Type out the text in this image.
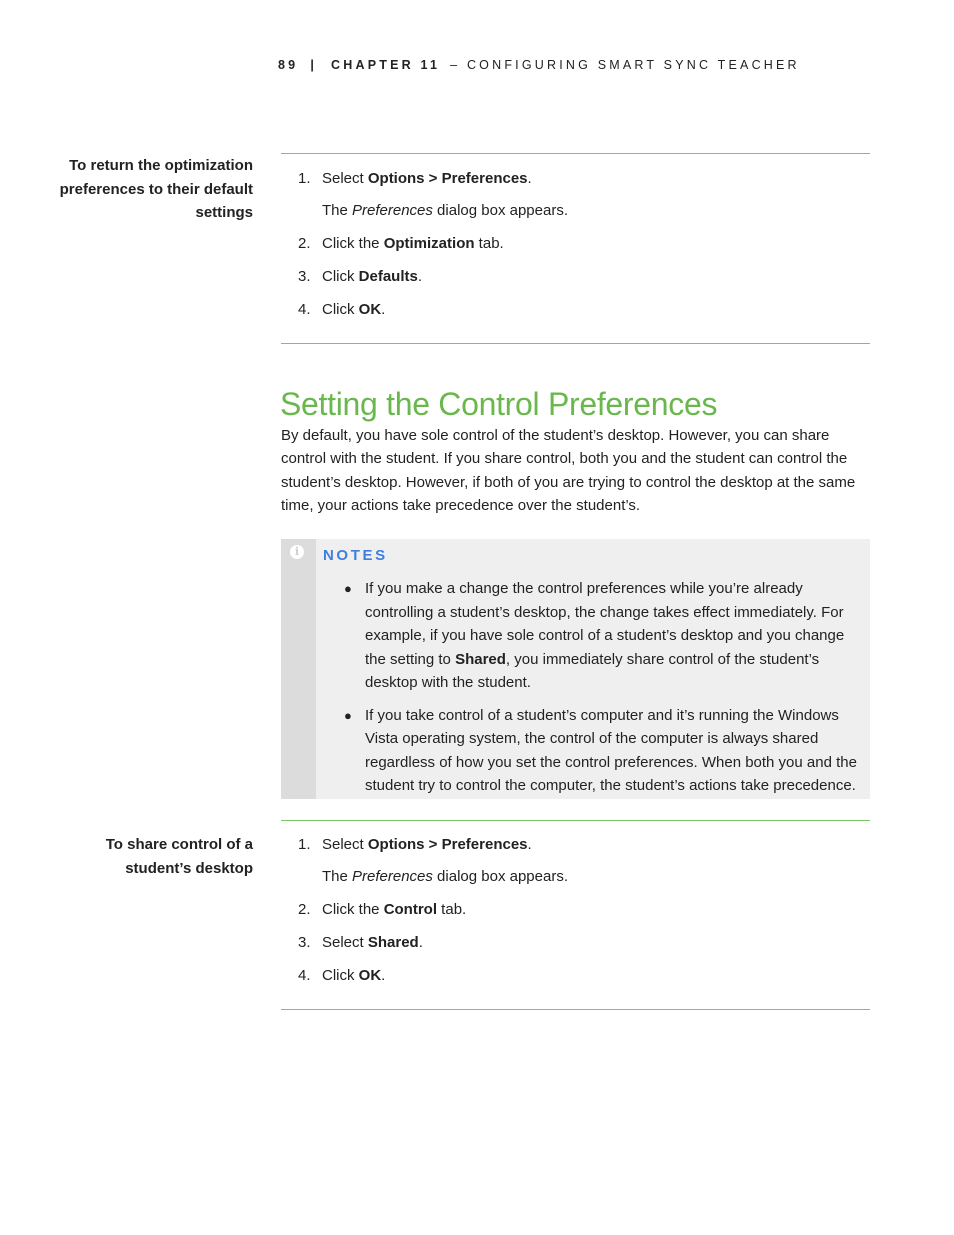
89 | CHAPTER 11 – CONFIGURING SMART SYNC TEACHER
To return the optimization
preferences to their default
settings
1. Select Options > Preferences.
The Preferences dialog box appears.
2. Click the Optimization tab.
3. Click Defaults.
4. Click OK.
Setting the Control Preferences
By default, you have sole control of the student’s desktop. However, you can share control with the student. If you share control, both you and the student can control the student’s desktop. However, if both of you are trying to control the desktop at the same time, your actions take precedence over the student’s.
i	NOTES
● If you make a change the control preferences while you’re already controlling a student’s desktop, the change takes effect immediately. For example, if you have sole control of a student’s desktop and you change the setting to Shared, you immediately share control of the student’s desktop with the student.
● If you take control of a student’s computer and it’s running the Windows Vista operating system, the control of the computer is always shared regardless of how you set the control preferences. When both you and the student try to control the computer, the student’s actions take precedence.
To share control of a
student’s desktop
1. Select Options > Preferences.
The Preferences dialog box appears.
2. Click the Control tab.
3. Select Shared.
4. Click OK.
